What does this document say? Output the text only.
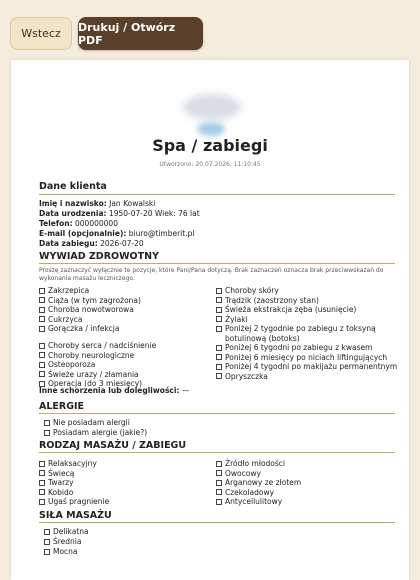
Wstecz	Drukuj / Otwórz PDF
Spa / zabiegi
Utworzono: 20.07.2026, 11:10:45
Dane klienta
Imię i nazwisko: Jan Kowalski
Data urodzenia: 1950-07-20 Wiek: 76 lat
Telefon: 000000000
E-mail (opcjonalnie): biuro@timberit.pl
Data zabiegu: 2026-07-20
WYWIAD ZDROWOTNY
Proszę zaznaczyć wyłącznie te pozycje, które Pani/Pana dotyczą. Brak zaznaczeń oznacza brak przeciwwskazań do wykonania masażu leczniczego.
Zakrzepica
Ciąża (w tym zagrożona)
Choroba nowotworowa
Cukrzyca
Gorączka / infekcja
Choroby serca / nadciśnienie
Choroby neurologiczne
Osteoporoza
Świeże urazy / złamania
Operacja (do 3 miesięcy)
Choroby skóry
Trądzik (zaostrzony stan)
Świeża ekstrakcja zęba (usunięcie)
Żylaki
Poniżej 2 tygodnie po zabiegu z toksyną
botulinową (botoks)
Poniżej 6 tygodni po zabiegu z kwasem
Poniżej 6 miesięcy po niciach liftingujących
Poniżej 4 tygodni po makijażu permanentnym
Opryszczka
Inne schorzenia lub dolegliwości: —
ALERGIE
Nie posiadam alergii
Posiadam alergie (jakie?)
RODZAJ MASAŻU / ZABIEGU
Relaksacyjny
Świecą
Twarzy
Kobido
Ugaś pragnienie
Źródło młodości
Owocowy
Arganowy ze złotem
Czekoladowy
Antycellulitowy
SIŁA MASAŻU
Delikatna
Średnia
Mocna
